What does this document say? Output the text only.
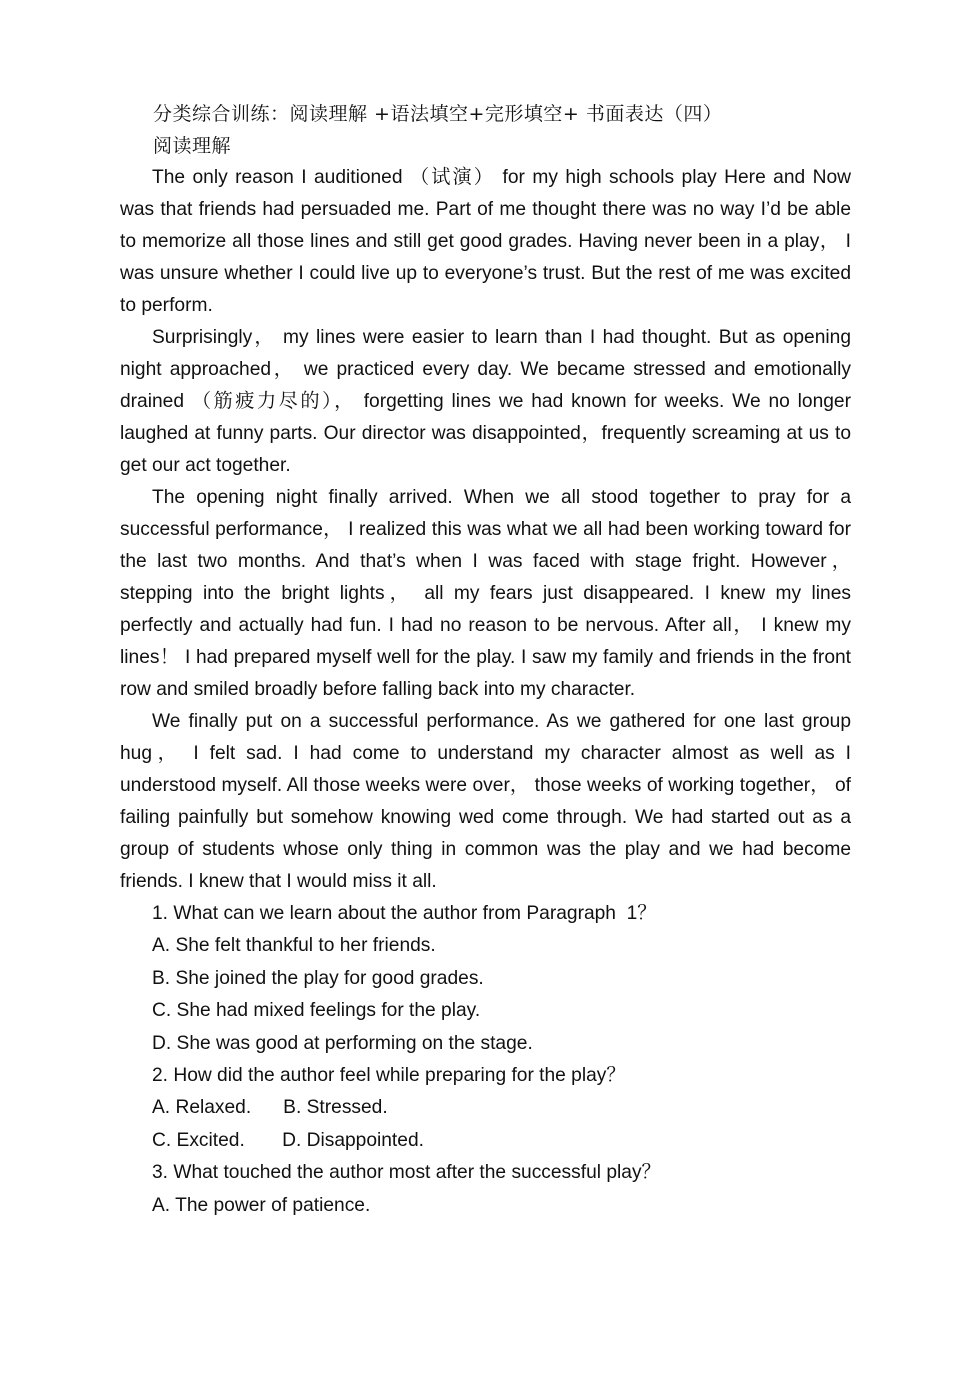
分类综合训练：阅读理解 +语法填空+完形填空+ 书面表达（四）

阅读理解

The only reason I auditioned （试演） for my high schools play Here and Now was that friends had persuaded me. Part of me thought there was no way I’d be able to memorize all those lines and still get good grades. Having never been in a play， I was unsure whether I could live up to everyone’s trust. But the rest of me was excited to perform.

Surprisingly， my lines were easier to learn than I had thought. But as opening night approached， we practiced every day. We became stressed and emotionally drained （筋疲力尽的）， forgetting lines we had known for weeks. We no longer laughed at funny parts. Our director was disappointed，frequently screaming at us to get our act together.

The opening night finally arrived. When we all stood together to pray for a successful performance， I realized this was what we all had been working toward for the last two months. And that’s when I was faced with stage fright. However， stepping into the bright lights， all my fears just disappeared. I knew my lines perfectly and actually had fun. I had no reason to be nervous. After all， I knew my lines！ I had prepared myself well for the play. I saw my family and friends in the front row and smiled broadly before falling back into my character.

We finally put on a successful performance. As we gathered for one last group hug， I felt sad. I had come to understand my character almost as well as I understood myself. All those weeks were over， those weeks of working together， of failing painfully but somehow knowing wed come through. We had started out as a group of students whose only thing in common was the play and we had become friends. I knew that I would miss it all.

1. What can we learn about the author from Paragraph  1？

A. She felt thankful to her friends.

B. She joined the play for good grades.

C. She had mixed feelings for the play.

D. She was good at performing on the stage.

2. How did the author feel while preparing for the play？

A. Relaxed.      B. Stressed.

C. Excited.       D. Disappointed.

3. What touched the author most after the successful play？

A. The power of patience.
